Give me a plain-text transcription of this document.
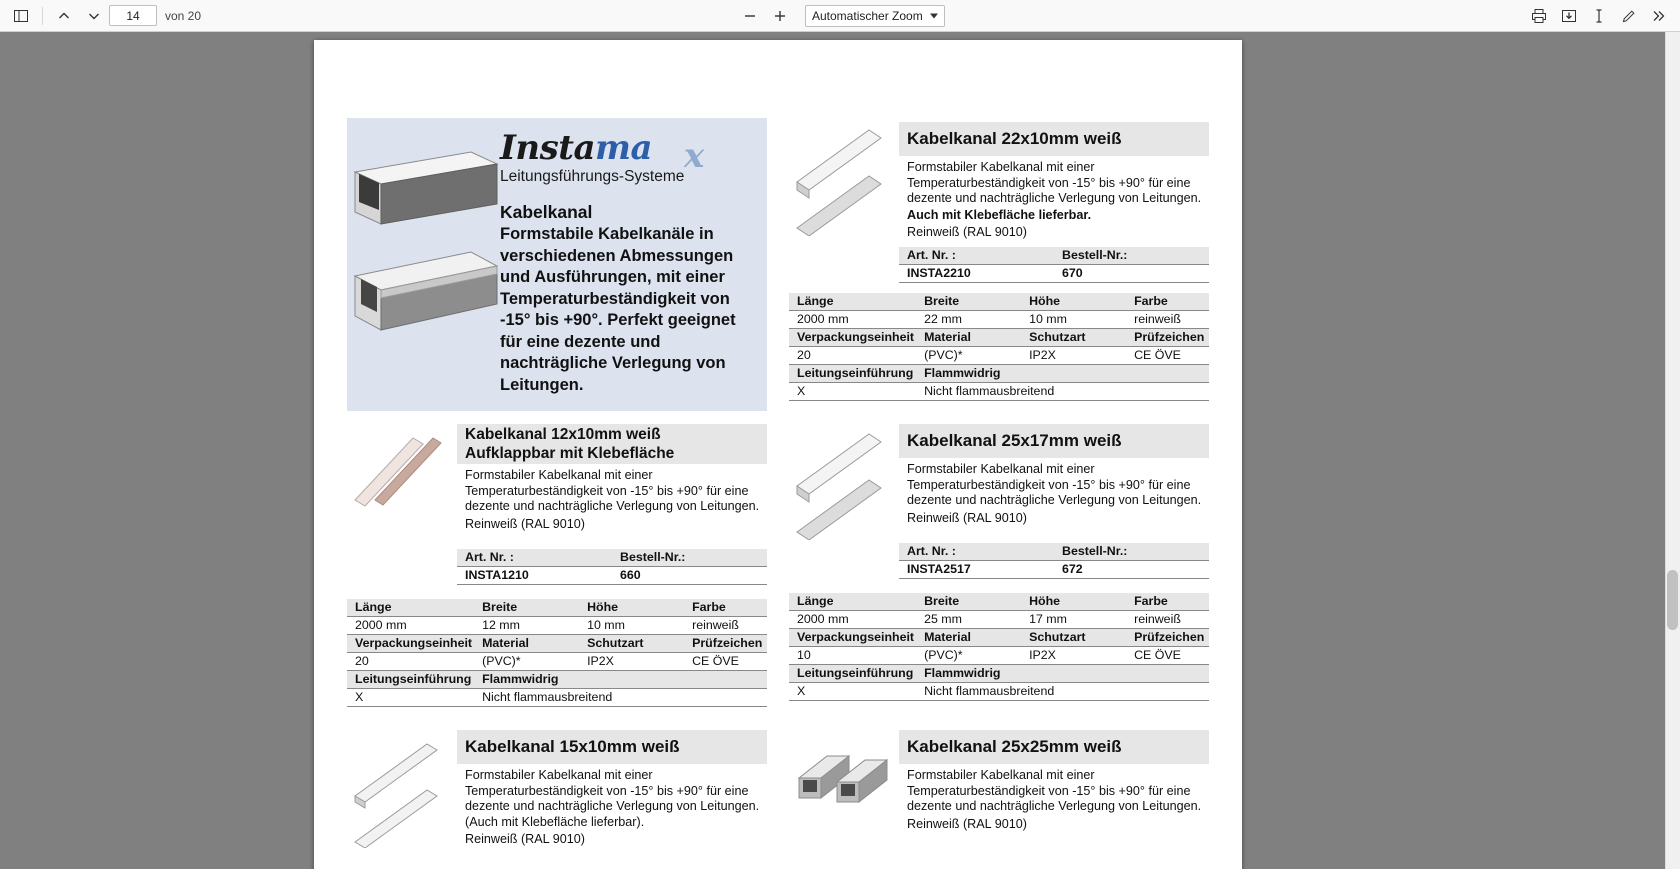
14
von 20	Automatischer Zoom
Instama x
Leitungsführungs-Systeme
Kabelkanal
Formstabile Kabelkanäle in verschiedenen Abmessungen und Ausführungen, mit einer Temperaturbeständigkeit von -15° bis +90°. Perfekt geeignet für eine dezente und nachträgliche Verlegung von Leitungen.
Kabelkanal 12x10mm weiß
Aufklappbar mit Klebefläche
Formstabiler Kabelkanal mit einer Temperaturbeständigkeit von -15° bis +90° für eine dezente und nachträgliche Verlegung von Leitungen.
Reinweiß (RAL 9010)
Art. Nr. :	Bestell-Nr.:
INSTA1210	660
Länge	Breite	Höhe	Farbe
2000 mm	12 mm	10 mm	reinweiß
Verpackungseinheit	Material	Schutzart	Prüfzeichen
20	(PVC)*	IP2X	CE ÖVE
Leitungseinführung	Flammwidrig		
X	Nicht flammausbreitend		
Kabelkanal 15x10mm weiß
Formstabiler Kabelkanal mit einer Temperaturbeständigkeit von -15° bis +90° für eine dezente und nachträgliche Verlegung von Leitungen. (Auch mit Klebefläche lieferbar).
Reinweiß (RAL 9010)
Kabelkanal 22x10mm weiß
Formstabiler Kabelkanal mit einer Temperaturbeständigkeit von -15° bis +90° für eine dezente und nachträgliche Verlegung von Leitungen.
Auch mit Klebefläche lieferbar.
Reinweiß (RAL 9010)
Art. Nr. :	Bestell-Nr.:
INSTA2210	670
Länge	Breite	Höhe	Farbe
2000 mm	22 mm	10 mm	reinweiß
Verpackungseinheit	Material	Schutzart	Prüfzeichen
20	(PVC)*	IP2X	CE ÖVE
Leitungseinführung	Flammwidrig		
X	Nicht flammausbreitend		
Kabelkanal 25x17mm weiß
Formstabiler Kabelkanal mit einer Temperaturbeständigkeit von -15° bis +90° für eine dezente und nachträgliche Verlegung von Leitungen.
Reinweiß (RAL 9010)
Art. Nr. :	Bestell-Nr.:
INSTA2517	672
Länge	Breite	Höhe	Farbe
2000 mm	25 mm	17 mm	reinweiß
Verpackungseinheit	Material	Schutzart	Prüfzeichen
10	(PVC)*	IP2X	CE ÖVE
Leitungseinführung	Flammwidrig		
X	Nicht flammausbreitend		
Kabelkanal 25x25mm weiß
Formstabiler Kabelkanal mit einer Temperaturbeständigkeit von -15° bis +90° für eine dezente und nachträgliche Verlegung von Leitungen.
Reinweiß (RAL 9010)
